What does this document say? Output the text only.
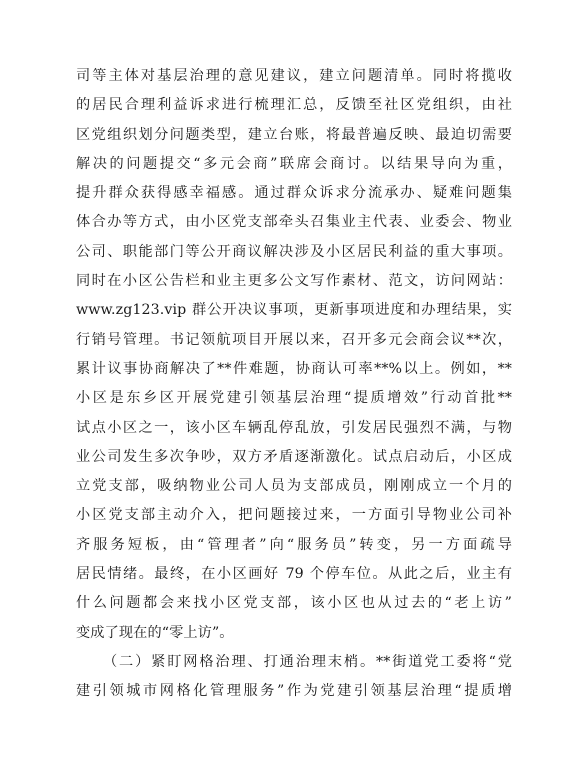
司等主体对基层治理的意见建议，建立问题清单。同时将揽收
的居民合理利益诉求进行梳理汇总，反馈至社区党组织，由社
区党组织划分问题类型，建立台账，将最普遍反映、最迫切需要
解决的问题提交“多元会商”联席会商讨。以结果导向为重，
提升群众获得感幸福感。通过群众诉求分流承办、疑难问题集
体合办等方式，由小区党支部牵头召集业主代表、业委会、物业
公司、职能部门等公开商议解决涉及小区居民利益的重大事项。
同时在小区公告栏和业主更多公文写作素材、范文，访问网站：
www.zg123.vip 群公开决议事项，更新事项进度和办理结果，实
行销号管理。书记领航项目开展以来，召开多元会商会议**次，
累计议事协商解决了**件难题，协商认可率**%以上。例如，**
小区是东乡区开展党建引领基层治理“提质增效”行动首批**
试点小区之一，该小区车辆乱停乱放，引发居民强烈不满，与物
业公司发生多次争吵，双方矛盾逐渐激化。试点启动后，小区成
立党支部，吸纳物业公司人员为支部成员，刚刚成立一个月的
小区党支部主动介入，把问题接过来，一方面引导物业公司补
齐服务短板，由“管理者”向“服务员”转变，另一方面疏导
居民情绪。最终，在小区画好 79 个停车位。从此之后，业主有
什么问题都会来找小区党支部，该小区也从过去的“老上访”
变成了现在的“零上访”。
（二）紧盯网格治理、打通治理末梢。**街道党工委将“党
建引领城市网格化管理服务”作为党建引领基层治理“提质增
